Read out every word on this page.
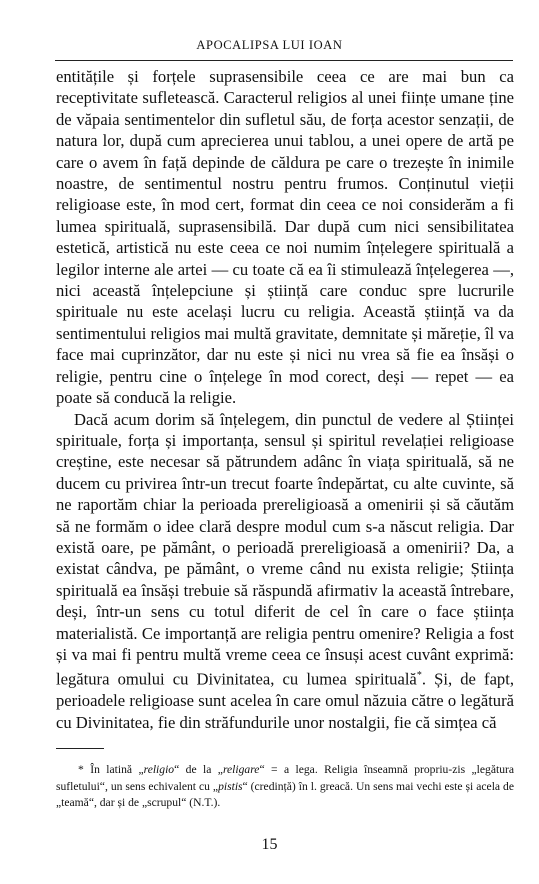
APOCALIPSA LUI IOAN

entitățile și forțele suprasensibile ceea ce are mai bun ca receptivitate sufletească. Caracterul religios al unei ființe umane ține de văpaia sentimentelor din sufletul său, de forța acestor senzații, de natura lor, după cum aprecierea unui tablou, a unei opere de artă pe care o avem în față depinde de căldura pe care o trezește în inimile noastre, de sentimentul nostru pentru frumos. Conținutul vieții religioase este, în mod cert, format din ceea ce noi considerăm a fi lumea spirituală, suprasensibilă. Dar după cum nici sensibilitatea estetică, artistică nu este ceea ce noi numim înțelegere spirituală a legilor interne ale artei — cu toate că ea îi stimulează înțelegerea —, nici această înțelepciune și știință care conduc spre lucrurile spirituale nu este același lucru cu religia. Această știință va da sentimentului religios mai multă gravitate, demnitate și măreție, îl va face mai cuprinzător, dar nu este și nici nu vrea să fie ea însăși o religie, pentru cine o înțelege în mod corect, deși — repet — ea poate să conducă la religie.

Dacă acum dorim să înțelegem, din punctul de vedere al Științei spirituale, forța și importanța, sensul și spiritul revelației religioase creștine, este necesar să pătrundem adânc în viața spirituală, să ne ducem cu privirea într-un trecut foarte îndepărtat, cu alte cuvinte, să ne raportăm chiar la perioada prereligioasă a omenirii și să căutăm să ne formăm o idee clară despre modul cum s-a născut religia. Dar există oare, pe pământ, o perioadă prereligioasă a omenirii? Da, a existat cândva, pe pământ, o vreme când nu exista religie; Știința spirituală ea însăși trebuie să răspundă afirmativ la această întrebare, deși, într-un sens cu totul diferit de cel în care o face știința materialistă. Ce importanță are religia pentru omenire? Religia a fost și va mai fi pentru multă vreme ceea ce însuși acest cuvânt exprimă: legătura omului cu Divinitatea, cu lumea spirituală*. Și, de fapt, perioadele religioase sunt acelea în care omul năzuia către o legătură cu Divinitatea, fie din străfundurile unor nostalgii, fie că simțea că

* În latină „religio“ de la „religare“ = a lega. Religia înseamnă propriu-zis „legătura sufletului“, un sens echivalent cu „pistis“ (credință) în l. greacă. Un sens mai vechi este și acela de „teamă“, dar și de „scrupul“ (N.T.).

15
